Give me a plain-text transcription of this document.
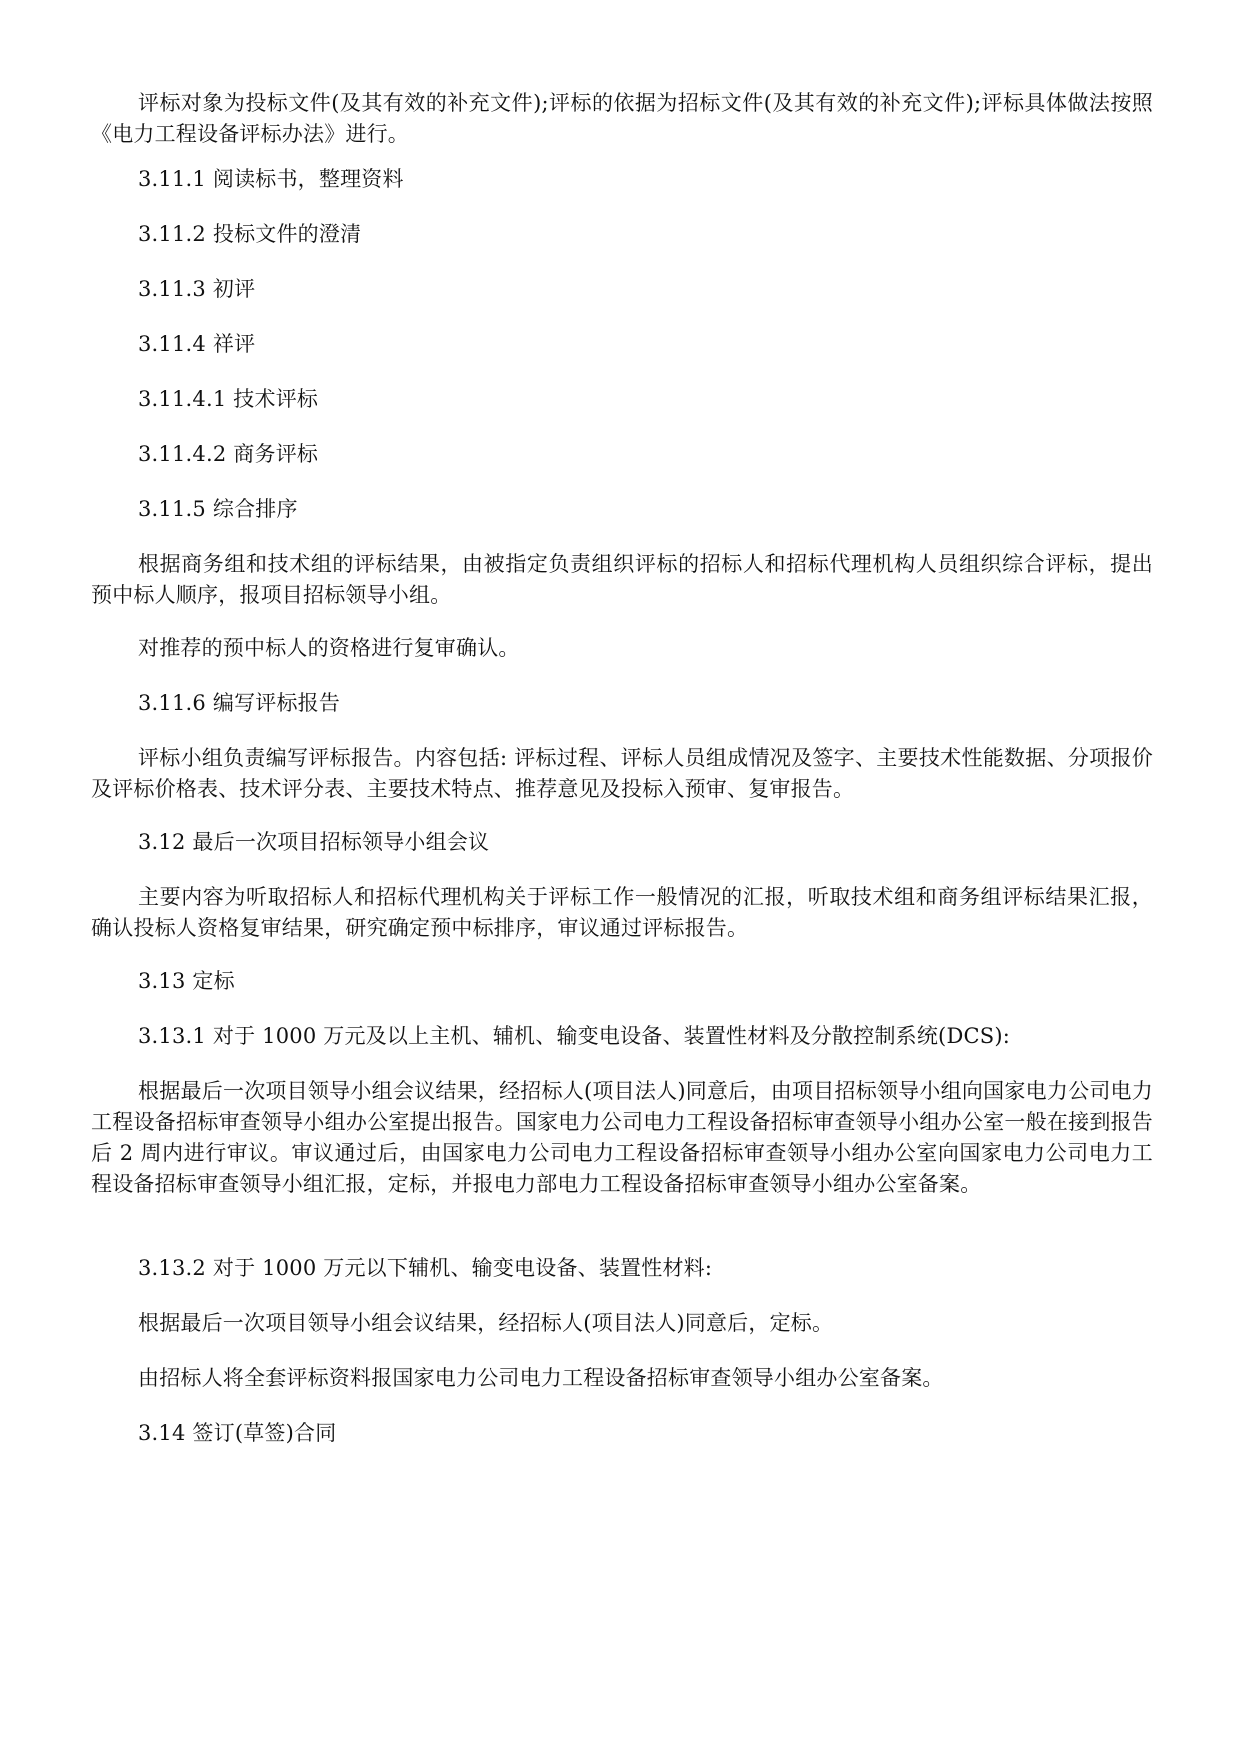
评标对象为投标文件(及其有效的补充文件);评标的依据为招标文件(及其有效的补充文件);评标具体做法按照《电力工程设备评标办法》进行。

3.11.1 阅读标书，整理资料

3.11.2 投标文件的澄清

3.11.3 初评

3.11.4 祥评

3.11.4.1 技术评标

3.11.4.2 商务评标

3.11.5 综合排序

根据商务组和技术组的评标结果，由被指定负责组织评标的招标人和招标代理机构人员组织综合评标，提出预中标人顺序，报项目招标领导小组。

对推荐的预中标人的资格进行复审确认。

3.11.6 编写评标报告

评标小组负责编写评标报告。内容包括: 评标过程、评标人员组成情况及签字、主要技术性能数据、分项报价及评标价格表、技术评分表、主要技术特点、推荐意见及投标入预审、复审报告。

3.12 最后一次项目招标领导小组会议

主要内容为听取招标人和招标代理机构关于评标工作一般情况的汇报，听取技术组和商务组评标结果汇报，确认投标人资格复审结果，研究确定预中标排序，审议通过评标报告。

3.13 定标

3.13.1 对于 1000 万元及以上主机、辅机、输变电设备、装置性材料及分散控制系统(DCS):

根据最后一次项目领导小组会议结果，经招标人(项目法人)同意后，由项目招标领导小组向国家电力公司电力工程设备招标审查领导小组办公室提出报告。国家电力公司电力工程设备招标审查领导小组办公室一般在接到报告后 2 周内进行审议。审议通过后，由国家电力公司电力工程设备招标审查领导小组办公室向国家电力公司电力工程设备招标审查领导小组汇报，定标，并报电力部电力工程设备招标审查领导小组办公室备案。

3.13.2 对于 1000 万元以下辅机、输变电设备、装置性材料:

根据最后一次项目领导小组会议结果，经招标人(项目法人)同意后，定标。

由招标人将全套评标资料报国家电力公司电力工程设备招标审查领导小组办公室备案。

3.14 签订(草签)合同
